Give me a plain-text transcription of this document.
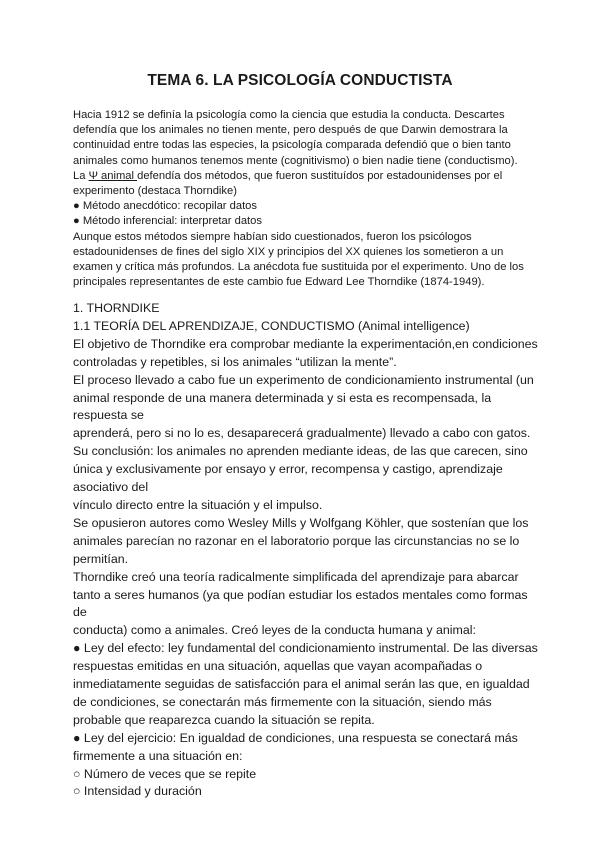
TEMA 6. LA PSICOLOGÍA CONDUCTISTA
Hacia 1912 se definía la psicología como la ciencia que estudia la conducta. Descartes
defendía que los animales no tienen mente, pero después de que Darwin demostrara la
continuidad entre todas las especies, la psicología comparada defendió que o bien tanto
animales como humanos tenemos mente (cognitivismo) o bien nadie tiene (conductismo).
La Ψ animal defendía dos métodos, que fueron sustituídos por estadounidenses por el
experimento (destaca Thorndike)
● Método anecdótico: recopilar datos
● Método inferencial: interpretar datos
Aunque estos métodos siempre habían sido cuestionados, fueron los psicólogos
estadounidenses de fines del siglo XIX y principios del XX quienes los sometieron a un
examen y crítica más profundos. La anécdota fue sustituida por el experimento. Uno de los
principales representantes de este cambio fue Edward Lee Thorndike (1874-1949).
1. THORNDIKE
1.1 TEORÍA DEL APRENDIZAJE, CONDUCTISMO (Animal intelligence)
El objetivo de Thorndike era comprobar mediante la experimentación,en condiciones
controladas y repetibles, si los animales “utilizan la mente”.
El proceso llevado a cabo fue un experimento de condicionamiento instrumental (un
animal responde de una manera determinada y si esta es recompensada, la
respuesta se
aprenderá, pero si no lo es, desaparecerá gradualmente) llevado a cabo con gatos.
Su conclusión: los animales no aprenden mediante ideas, de las que carecen, sino
única y exclusivamente por ensayo y error, recompensa y castigo, aprendizaje
asociativo del
vínculo directo entre la situación y el impulso.
Se opusieron autores como Wesley Mills y Wolfgang Köhler, que sostenían que los
animales parecían no razonar en el laboratorio porque las circunstancias no se lo
permitían.
Thorndike creó una teoría radicalmente simplificada del aprendizaje para abarcar
tanto a seres humanos (ya que podían estudiar los estados mentales como formas
de
conducta) como a animales. Creó leyes de la conducta humana y animal:
● Ley del efecto: ley fundamental del condicionamiento instrumental. De las diversas
respuestas emitidas en una situación, aquellas que vayan acompañadas o
inmediatamente seguidas de satisfacción para el animal serán las que, en igualdad
de condiciones, se conectarán más firmemente con la situación, siendo más
probable que reaparezca cuando la situación se repita.
● Ley del ejercicio: En igualdad de condiciones, una respuesta se conectará más
firmemente a una situación en:
○ Número de veces que se repite
○ Intensidad y duración
